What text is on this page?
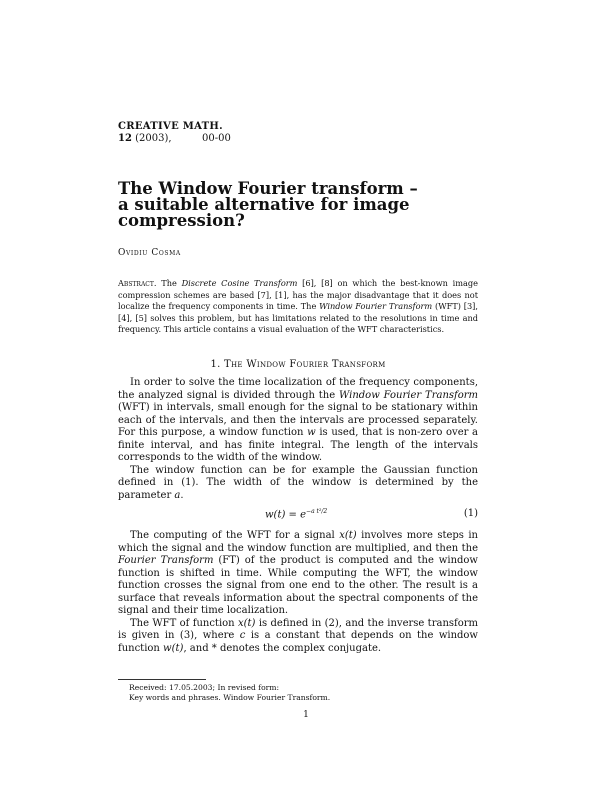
CREATIVE MATH.
12 (2003),	00-00
The Window Fourier transform –
a suitable alternative for image
compression?
Ovidiu Cosma
Abstract. The Discrete Cosine Transform [6], [8] on which the best-known image compression schemes are based [7], [1], has the major disadvantage that it does not localize the frequency components in time. The Window Fourier Transform (WFT) [3], [4], [5] solves this problem, but has limitations related to the resolutions in time and frequency. This article contains a visual evaluation of the WFT characteristics.
1. The Window Fourier Transform

In order to solve the time localization of the frequency components, the analyzed signal is divided through the Window Fourier Transform (WFT) in intervals, small enough for the signal to be stationary within each of the intervals, and then the intervals are processed separately. For this purpose, a window function w is used, that is non-zero over a finite interval, and has finite integral. The length of the intervals corresponds to the width of the window.

The window function can be for example the Gaussian function defined in (1). The width of the window is determined by the parameter a.

$w(t) = e^{-a t^2/2}$	(1)

The computing of the WFT for a signal x(t) involves more steps in which the signal and the window function are multiplied, and then the Fourier Transform (FT) of the product is computed and the window function is shifted in time. While computing the WFT, the window function crosses the signal from one end to the other. The result is a surface that reveals information about the spectral components of the signal and their time localization.

The WFT of function x(t) is defined in (2), and the inverse transform is given in (3), where c is a constant that depends on the window function w(t), and * denotes the complex conjugate.

Received: 17.05.2003; In revised form:
Key words and phrases. Window Fourier Transform.
1
